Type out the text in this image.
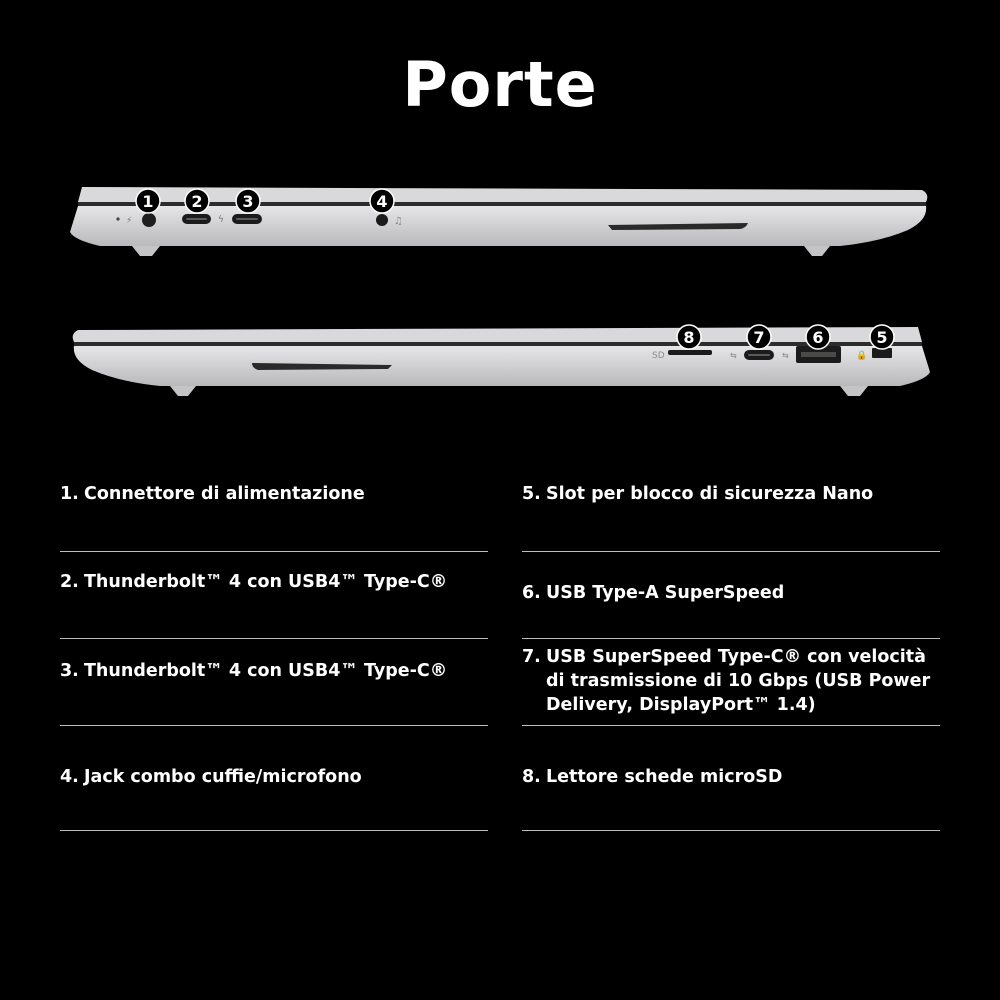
Porte
⚡	ϟ	♫
1 2 3	4
SD	⇆	⇆	🔒
8	7	6	5
1. Connettore di alimentazione
2. Thunderbolt™ 4 con USB4™ Type-C®
3. Thunderbolt™ 4 con USB4™ Type-C®
4. Jack combo cuffie/microfono
5. Slot per blocco di sicurezza Nano
6. USB Type-A SuperSpeed
7. USB SuperSpeed Type-C® con velocità di trasmissione di 10 Gbps (USB Power Delivery, DisplayPort™ 1.4)
8. Lettore schede microSD
